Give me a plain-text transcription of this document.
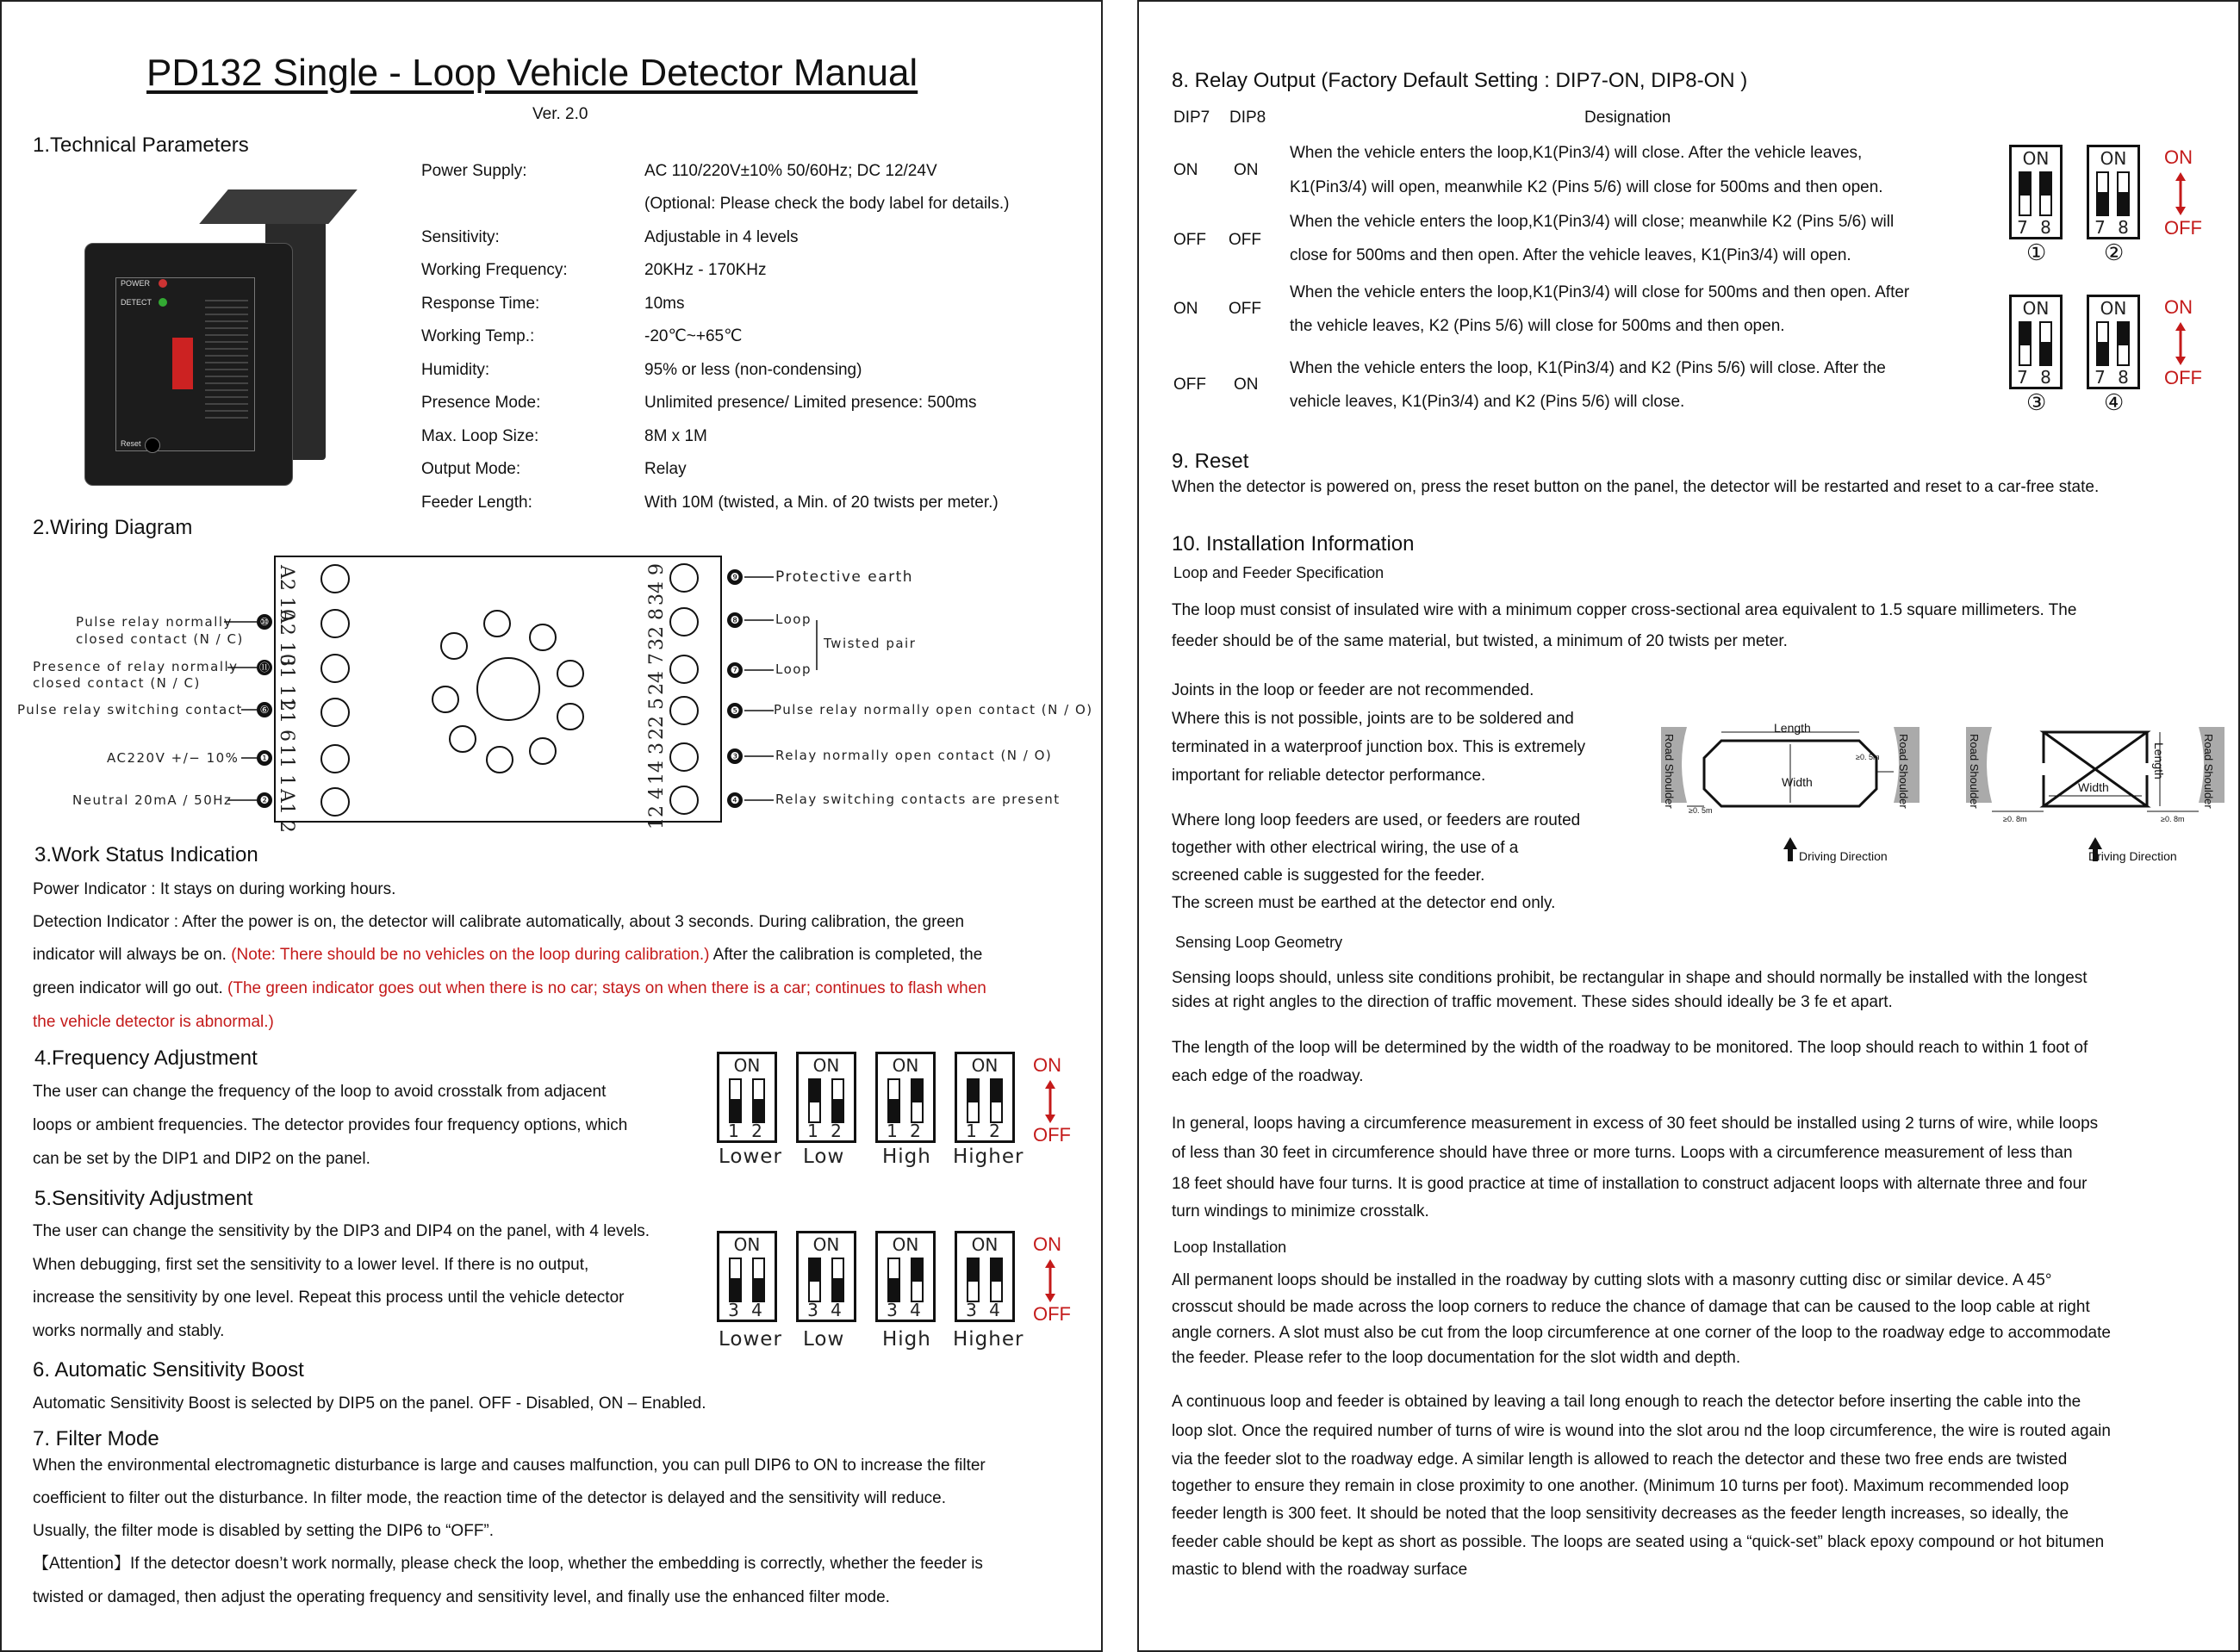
PD132 Single - Loop Vehicle Detector Manual
Ver. 2.0
1.Technical Parameters
POWER
DETECT
Reset
Power Supply:	AC 110/220V±10% 50/60Hz; DC 12/24V
(Optional: Please check the body label for details.)
Sensitivity:	Adjustable in 4 levels
Working Frequency:	20KHz - 170KHz
Response Time:	10ms
Working Temp.:	-20℃~+65℃
Humidity:	95% or less (non-condensing)
Presence Mode:	Unlimited presence/ Limited presence: 500ms
Max. Loop Size:	8M x 1M
Output Mode:	Relay
Feeder Length:	With 10M (twisted, a Min. of 20 twists per meter.)
2.Wiring Diagram
Pulse relay normally
closed contact (N / C)
Presence of relay normally
closed contact (N / C)
Pulse relay switching contact
AC220V +/− 10%
Neutral 20mA / 50Hz
⑩
⑪
⑥
❶
❷
A2 10
A2 10
31 11
21 6
11 1
A1 2
34 9
32 8
24 7
22 5
14 3
12 4
❾
❽
❼
❺
❸
❹
Protective earth
Loop
Loop
Twisted pair
Pulse relay normally open contact (N / O)
Relay normally open contact (N / O)
Relay switching contacts are present
3.Work Status Indication
Power Indicator : It stays on during working hours.
Detection Indicator : After the power is on, the detector will calibrate automatically, about 3 seconds. During calibration, the green
indicator will always be on. (Note: There should be no vehicles on the loop during calibration.) After the calibration is completed, the
green indicator will go out. (The green indicator goes out when there is no car; stays on when there is a car; continues to flash when
the vehicle detector is abnormal.)
4.Frequency Adjustment
The user can change the frequency of the loop to avoid crosstalk from adjacent
loops or ambient frequencies. The detector provides four frequency options, which
can be set by the DIP1 and DIP2 on the panel.
ON
1 2
ON
1 2
ON
1 2
ON
1 2
Lower Low High Higher
ON
OFF
5.Sensitivity Adjustment
The user can change the sensitivity by the DIP3 and DIP4 on the panel, with 4 levels.
When debugging, first set the sensitivity to a lower level. If there is no output,
increase the sensitivity by one level. Repeat this process until the vehicle detector
works normally and stably.
ON
3 4
ON
3 4
ON
3 4
ON
3 4
Lower Low High Higher
ON
OFF
6. Automatic Sensitivity Boost
Automatic Sensitivity Boost is selected by DIP5 on the panel. OFF - Disabled, ON – Enabled.
7. Filter Mode
When the environmental electromagnetic disturbance is large and causes malfunction, you can pull DIP6 to ON to increase the filter
coefficient to filter out the disturbance. In filter mode, the reaction time of the detector is delayed and the sensitivity will reduce.
Usually, the filter mode is disabled by setting the DIP6 to “OFF”.
【Attention】If the detector doesn’t work normally, please check the loop, whether the embedding is correctly, whether the feeder is
twisted or damaged, then adjust the operating frequency and sensitivity level, and finally use the enhanced filter mode.
8. Relay Output (Factory Default Setting : DIP7-ON, DIP8-ON )
DIP7 DIP8	Designation
ON ON
When the vehicle enters the loop,K1(Pin3/4) will close. After the vehicle leaves,
K1(Pin3/4) will open, meanwhile K2 (Pins 5/6) will close for 500ms and then open.
OFF OFF
When the vehicle enters the loop,K1(Pin3/4) will close; meanwhile K2 (Pins 5/6) will
close for 500ms and then open. After the vehicle leaves, K1(Pin3/4) will open.
ON OFF
When the vehicle enters the loop,K1(Pin3/4) will close for 500ms and then open. After
the vehicle leaves, K2 (Pins 5/6) will close for 500ms and then open.
OFF ON
When the vehicle enters the loop, K1(Pin3/4) and K2 (Pins 5/6) will close. After the
vehicle leaves, K1(Pin3/4) and K2 (Pins 5/6) will close.
ON
7 8
ON
7 8
①	②
ON
OFF
ON
7 8
ON
7 8
③	④
ON
OFF
9. Reset
When the detector is powered on, press the reset button on the panel, the detector will be restarted and reset to a car-free state.
10. Installation Information
Loop and Feeder Specification
The loop must consist of insulated wire with a minimum copper cross-sectional area equivalent to 1.5 square millimeters. The
feeder should be of the same material, but twisted, a minimum of 20 twists per meter.
Joints in the loop or feeder are not recommended.
Where this is not possible, joints are to be soldered and
terminated in a waterproof junction box. This is extremely
important for reliable detector performance.
Where long loop feeders are used, or feeders are routed
together with other electrical wiring, the use of a
screened cable is suggested for the feeder.
The screen must be earthed at the detector end only.
Road Shoulder	Road Shoulder
Length
Width
≥0. 5m
≥0. 5m
Driving Direction
Road Shoulder	Road Shoulder
Length
Width
≥0. 8m	≥0. 8m
Driving Direction
Sensing Loop Geometry
Sensing loops should, unless site conditions prohibit, be rectangular in shape and should normally be installed with the longest
sides at right angles to the direction of traffic movement. These sides should ideally be 3 fe et apart.
The length of the loop will be determined by the width of the roadway to be monitored. The loop should reach to within 1 foot of
each edge of the roadway.
In general, loops having a circumference measurement in excess of 30 feet should be installed using 2 turns of wire, while loops
of less than 30 feet in circumference should have three or more turns. Loops with a circumference measurement of less than
18 feet should have four turns. It is good practice at time of installation to construct adjacent loops with alternate three and four
turn windings to minimize crosstalk.
Loop Installation
All permanent loops should be installed in the roadway by cutting slots with a masonry cutting disc or similar device. A 45°
crosscut should be made across the loop corners to reduce the chance of damage that can be caused to the loop cable at right
angle corners. A slot must also be cut from the loop circumference at one corner of the loop to the roadway edge to accommodate
the feeder. Please refer to the loop documentation for the slot width and depth.
A continuous loop and feeder is obtained by leaving a tail long enough to reach the detector before inserting the cable into the
loop slot. Once the required number of turns of wire is wound into the slot arou nd the loop circumference, the wire is routed again
via the feeder slot to the roadway edge. A similar length is allowed to reach the detector and these two free ends are twisted
together to ensure they remain in close proximity to one another. (Minimum 10 turns per foot). Maximum recommended loop
feeder length is 300 feet. It should be noted that the loop sensitivity decreases as the feeder length increases, so ideally, the
feeder cable should be kept as short as possible. The loops are seated using a “quick-set” black epoxy compound or hot bitumen
mastic to blend with the roadway surface
